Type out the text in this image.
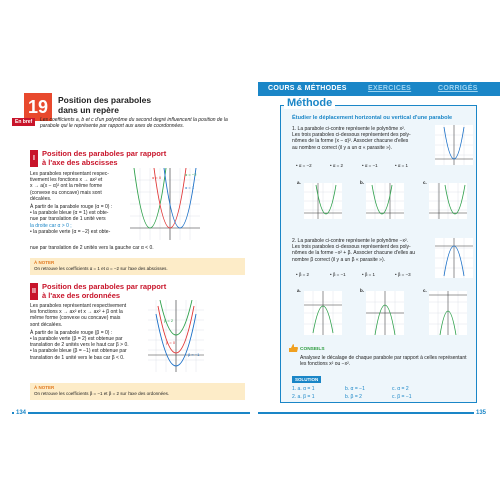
COURS & MÉTHODES	EXERCICES	CORRIGÉS
19	Position des paraboles
dans un repère
En bref	Les coefficients a, b et c d'un polynôme du second degré influencent la position de la parabole qui le représente par rapport aux axes de coordonnées.
I
Position des paraboles par rapport
à l'axe des abscisses
Les paraboles représentant respec-
tivement les fonctions x → ax² et
x → a(x − α)² ont la même forme
(convexe ou concave) mais sont
décalées.
À partir de la parabole rouge (α = 0) :
• la parabole bleue (α = 1) est obte-
nue par translation de 1 unité vers
la droite car α > 0 ;
• la parabole verte (α = −2) est obte-
nue par translation de 2 unités vers la gauche car α < 0.
α = −2
α = 1
α = 0
À NOTER
On retrouve les coefficients α = 1 et α = −2 sur l'axe des abscisses.
II
Position des paraboles par rapport
à l'axe des ordonnées
Les paraboles représentant respectivement
les fonctions x → ax² et x → ax² + β ont la
même forme (convexe ou concave) mais
sont décalées.
À partir de la parabole rouge (β = 0) :
• la parabole verte (β = 2) est obtenue par
translation de 2 unités vers le haut car β > 0.
• la parabole bleue (β = −1) est obtenue par
translation de 1 unité vers le bas car β < 0.
β = 2
β = 0
β = −1
À NOTER
On retrouve les coefficients β = −1 et β = 2 sur l'axe des ordonnées.
134
Méthode
Étudier le déplacement horizontal ou vertical d'une parabole
1. La parabole ci-contre représente le polynôme x².
Les trois paraboles ci-dessous représentent des poly-
nômes de la forme (x − α)². Associer chacune d'elles
au nombre α correct (il y a un α « parasite »).
• α = −2	• α = 2	• α = −1	• α = 1
a.	b.	c.
2. La parabole ci-contre représente le polynôme −x².
Les trois paraboles ci-dessous représentent des poly-
nômes de la forme −x² + β. Associer chacune d'elles au
nombre β correct (il y a un β « parasite »).
• β = 2	• β = −1	• β = 1	• β = −3
a.	b.	c.
CONSEILS
Analysez le décalage de chaque parabole par rapport à celles représentant les fonctions x² ou −x².
SOLUTION
1. a. α = 1	b. α = −1	c. α = 2
2. a. β = 1	b. β = 2	c. β = −1
135
